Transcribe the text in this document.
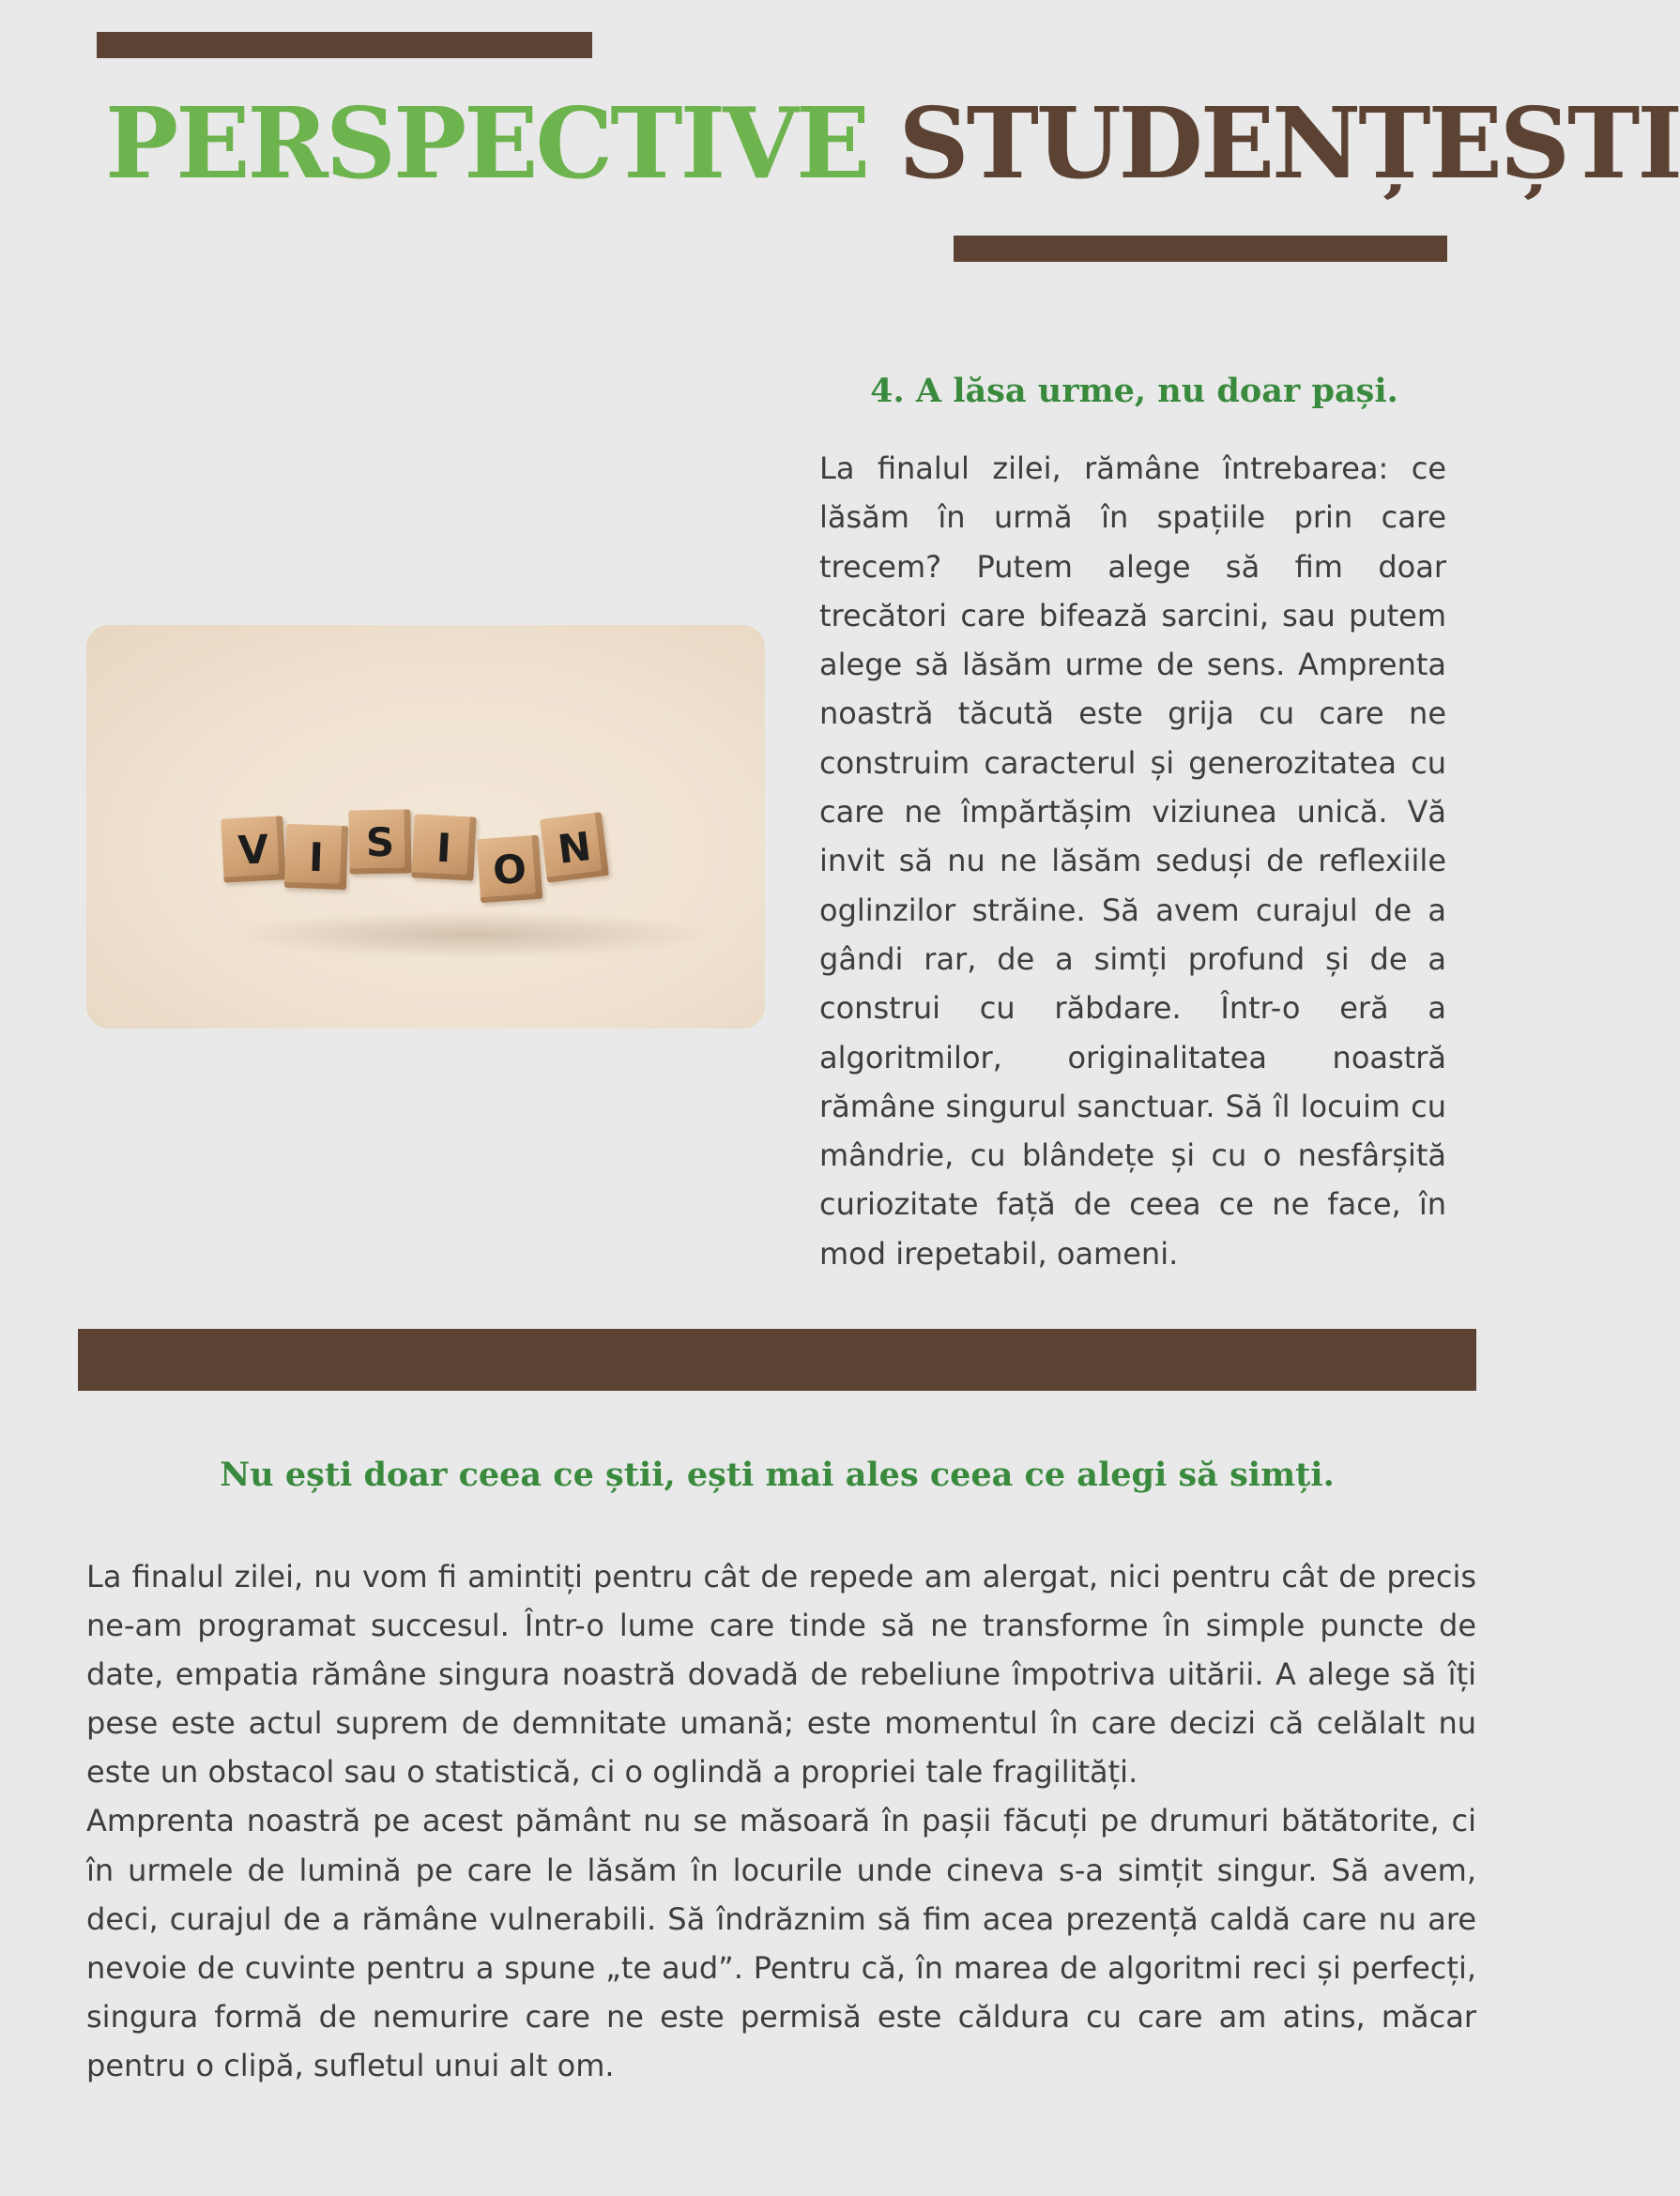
PERSPECTIVE STUDENȚEȘTI
V I	S	I O N
4. A lăsa urme, nu doar pași.

La finalul zilei, rămâne întrebarea: ce lăsăm în urmă în spațiile prin care trecem? Putem alege să fim doar trecători care bifează sarcini, sau putem alege să lăsăm urme de sens. Amprenta noastră tăcută este grija cu care ne construim caracterul și generozitatea cu care ne împărtășim viziunea unică. Vă invit să nu ne lăsăm seduși de reflexiile oglinzilor străine. Să avem curajul de a gândi rar, de a simți profund și de a construi cu răbdare. Într-o eră a algoritmilor, originalitatea noastră rămâne singurul sanctuar. Să îl locuim cu mândrie, cu blândețe și cu o nesfârșită curiozitate față de ceea ce ne face, în mod irepetabil, oameni.

Nu ești doar ceea ce știi, ești mai ales ceea ce alegi să simți.

La finalul zilei, nu vom fi amintiți pentru cât de repede am alergat, nici pentru cât de precis ne-am programat succesul. Într-o lume care tinde să ne transforme în simple puncte de date, empatia rămâne singura noastră dovadă de rebeliune împotriva uitării. A alege să îți pese este actul suprem de demnitate umană; este momentul în care decizi că celălalt nu este un obstacol sau o statistică, ci o oglindă a propriei tale fragilități.

Amprenta noastră pe acest pământ nu se măsoară în pașii făcuți pe drumuri bătătorite, ci în urmele de lumină pe care le lăsăm în locurile unde cineva s-a simțit singur. Să avem, deci, curajul de a rămâne vulnerabili. Să îndrăznim să fim acea prezență caldă care nu are nevoie de cuvinte pentru a spune „te aud”. Pentru că, în marea de algoritmi reci și perfecți, singura formă de nemurire care ne este permisă este căldura cu care am atins, măcar pentru o clipă, sufletul unui alt om.
